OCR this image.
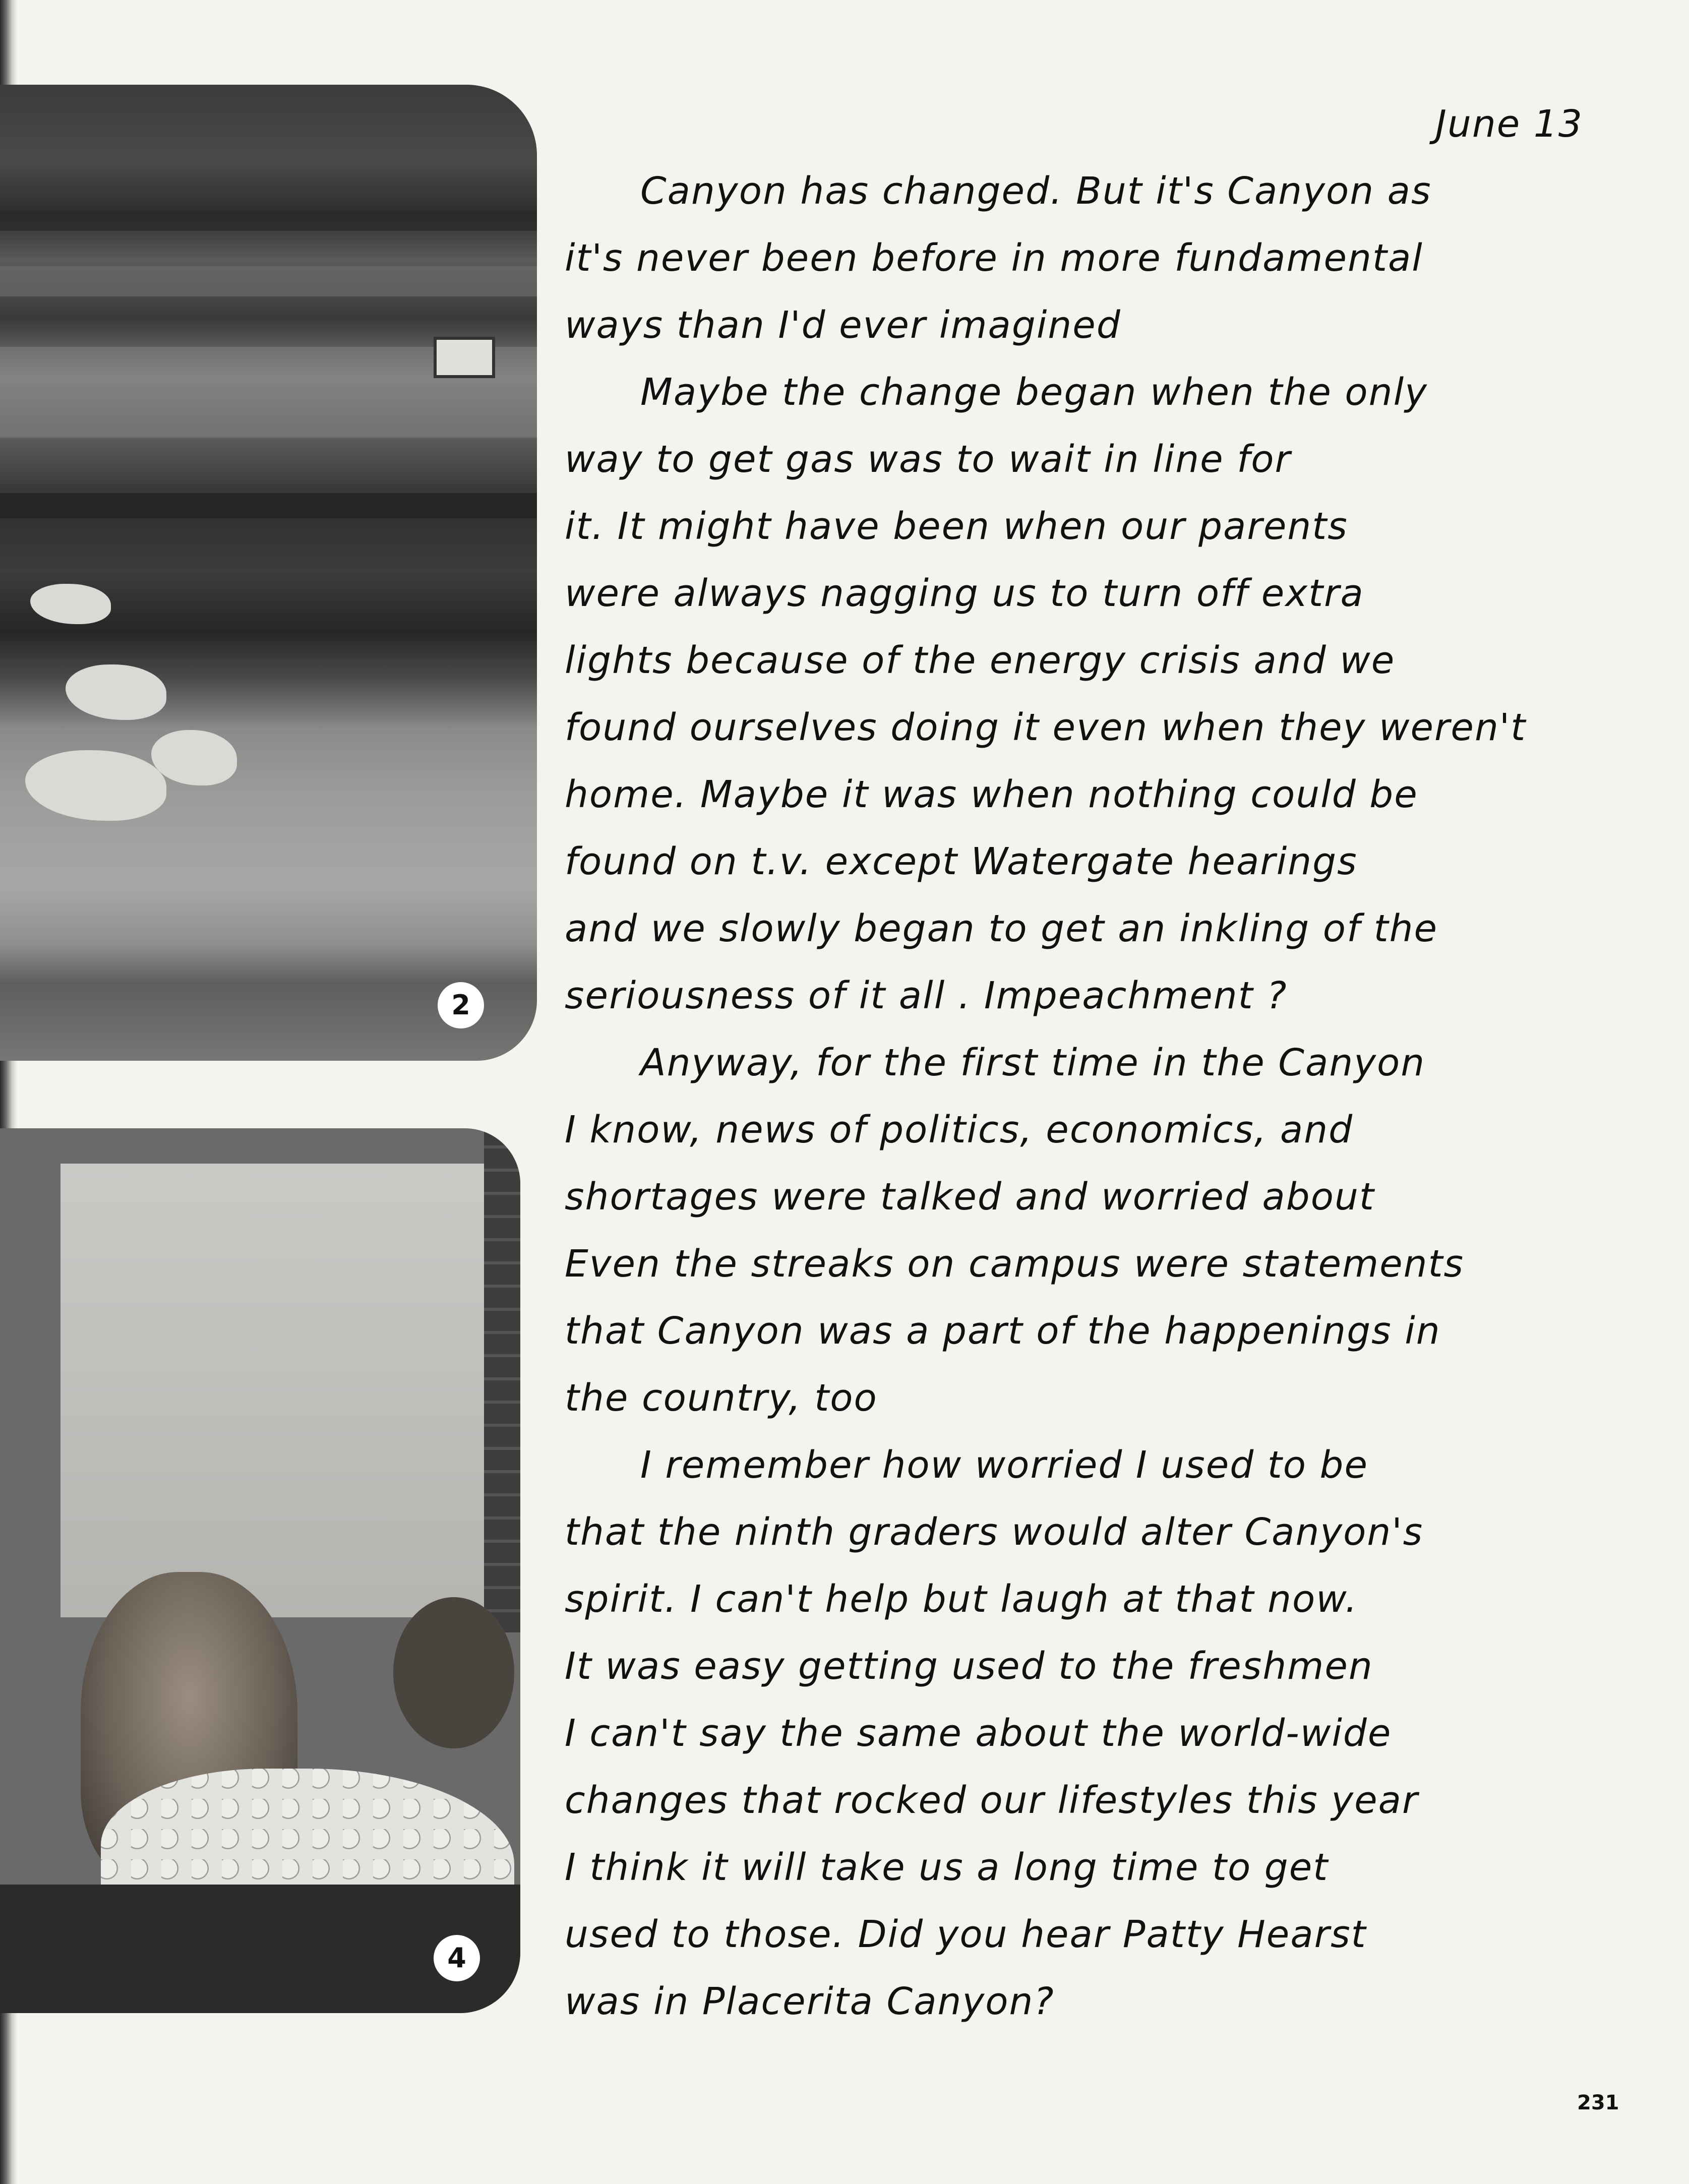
2
4
June 13
Canyon has changed. But it's Canyon as
it's never been before in more fundamental
ways than I'd ever imagined
Maybe the change began when the only
way to get gas was to wait in line for
it. It might have been when our parents
were always nagging us to turn off extra
lights because of the energy crisis and we
found ourselves doing it even when they weren't
home. Maybe it was when nothing could be
found on t.v. except Watergate hearings
and we slowly began to get an inkling of the
seriousness of it all . Impeachment ?
Anyway, for the first time in the Canyon
I know, news of politics, economics, and
shortages were talked and worried about
Even the streaks on campus were statements
that Canyon was a part of the happenings in
the country, too
I remember how worried I used to be
that the ninth graders would alter Canyon's
spirit. I can't help but laugh at that now.
It was easy getting used to the freshmen
I can't say the same about the world-wide
changes that rocked our lifestyles this year
I think it will take us a long time to get
used to those. Did you hear Patty Hearst
was in Placerita Canyon?
231
